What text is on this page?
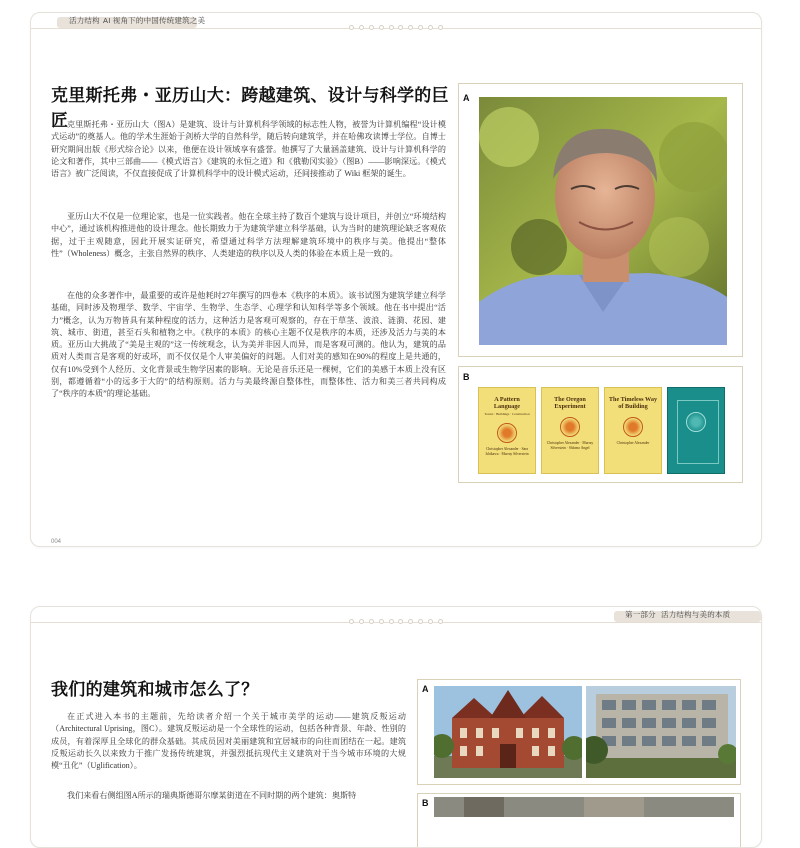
活力结构 AI 视角下的中国传统建筑之美
克里斯托弗・亚历山大：跨越建筑、设计与科学的巨匠
克里斯托弗・亚历山大（图A）是建筑、设计与计算机科学领域的标志性人物，被誉为计算机编程“设计模式运动”的奠基人。他的学术生涯始于剑桥大学的自然科学，随后转向建筑学，并在哈佛攻读博士学位。自博士研究期间出版《形式综合论》以来，他便在设计领域享有盛誉。他撰写了大量涵盖建筑、设计与计算机科学的论文和著作，其中三部曲——《模式语言》《建筑的永恒之道》和《俄勒冈实验》（图B）——影响深远。《模式语言》被广泛阅读，不仅直接促成了计算机科学中的设计模式运动，还间接推动了 Wiki 框架的诞生。
亚历山大不仅是一位理论家，也是一位实践者。他在全球主持了数百个建筑与设计项目，并创立“环境结构中心”，通过该机构推进他的设计理念。他长期致力于为建筑学建立科学基础，认为当时的建筑理论缺乏客观依据，过于主观随意，因此开展实证研究，希望通过科学方法理解建筑环境中的秩序与美。他提出“整体性”（Wholeness）概念，主张自然界的秩序、人类建造的秩序以及人类的体验在本质上是一致的。
在他的众多著作中，最重要的或许是他耗时27年撰写的四卷本《秩序的本质》。该书试图为建筑学建立科学基础，同时涉及物理学、数学、宇宙学、生物学、生态学、心理学和认知科学等多个领域。他在书中提出“活力”概念，认为万物皆具有某种程度的活力，这种活力是客观可观察的，存在于草茎、波浪、涟漪、花园、建筑、城市、街道，甚至石头和植物之中。《秩序的本质》的核心主题不仅是秩序的本质，还涉及活力与美的本质。亚历山大挑战了“美是主观的”这一传统观念，认为美并非因人而异，而是客观可测的。他认为，建筑的品质对人类而言是客观的好或坏，而不仅仅是个人审美偏好的问题。人们对美的感知在90%的程度上是共通的，仅有10%受到个人经历、文化背景或生物学因素的影响。无论是音乐还是一棵树，它们的美感于本质上没有区别，都遵循着“小的远多于大的”的结构原则。活力与美最终源自整体性，而整体性、活力和美三者共同构成了“秩序的本质”的理论基础。
A
B
A Pattern Language
Towns · Buildings · Construction
Christopher Alexander · Sara Ishikawa · Murray Silverstein
The Oregon Experiment
Christopher Alexander · Murray Silverstein · Shlomo Angel
The Timeless Way of Building
Christopher Alexander
004
第一部分 活力结构与美的本质
我们的建筑和城市怎么了？
在正式进入本书的主题前，先给读者介绍一个关于城市美学的运动——建筑反叛运动（Architectural Uprising，图C）。建筑反叛运动是一个全球性的运动，包括各种背景、年龄、性别的成员，有着深厚且全球化的群众基础。其成员因对美丽建筑和宜居城市的向往而团结在一起。建筑反叛运动长久以来致力于推广发扬传统建筑，并强烈抵抗现代主义建筑对于当今城市环境的大规模“丑化”（Uglification）。
我们来看右侧组图A所示的瑞典斯德哥尔摩某街道在不同时期的两个建筑：奥斯特
A
B
